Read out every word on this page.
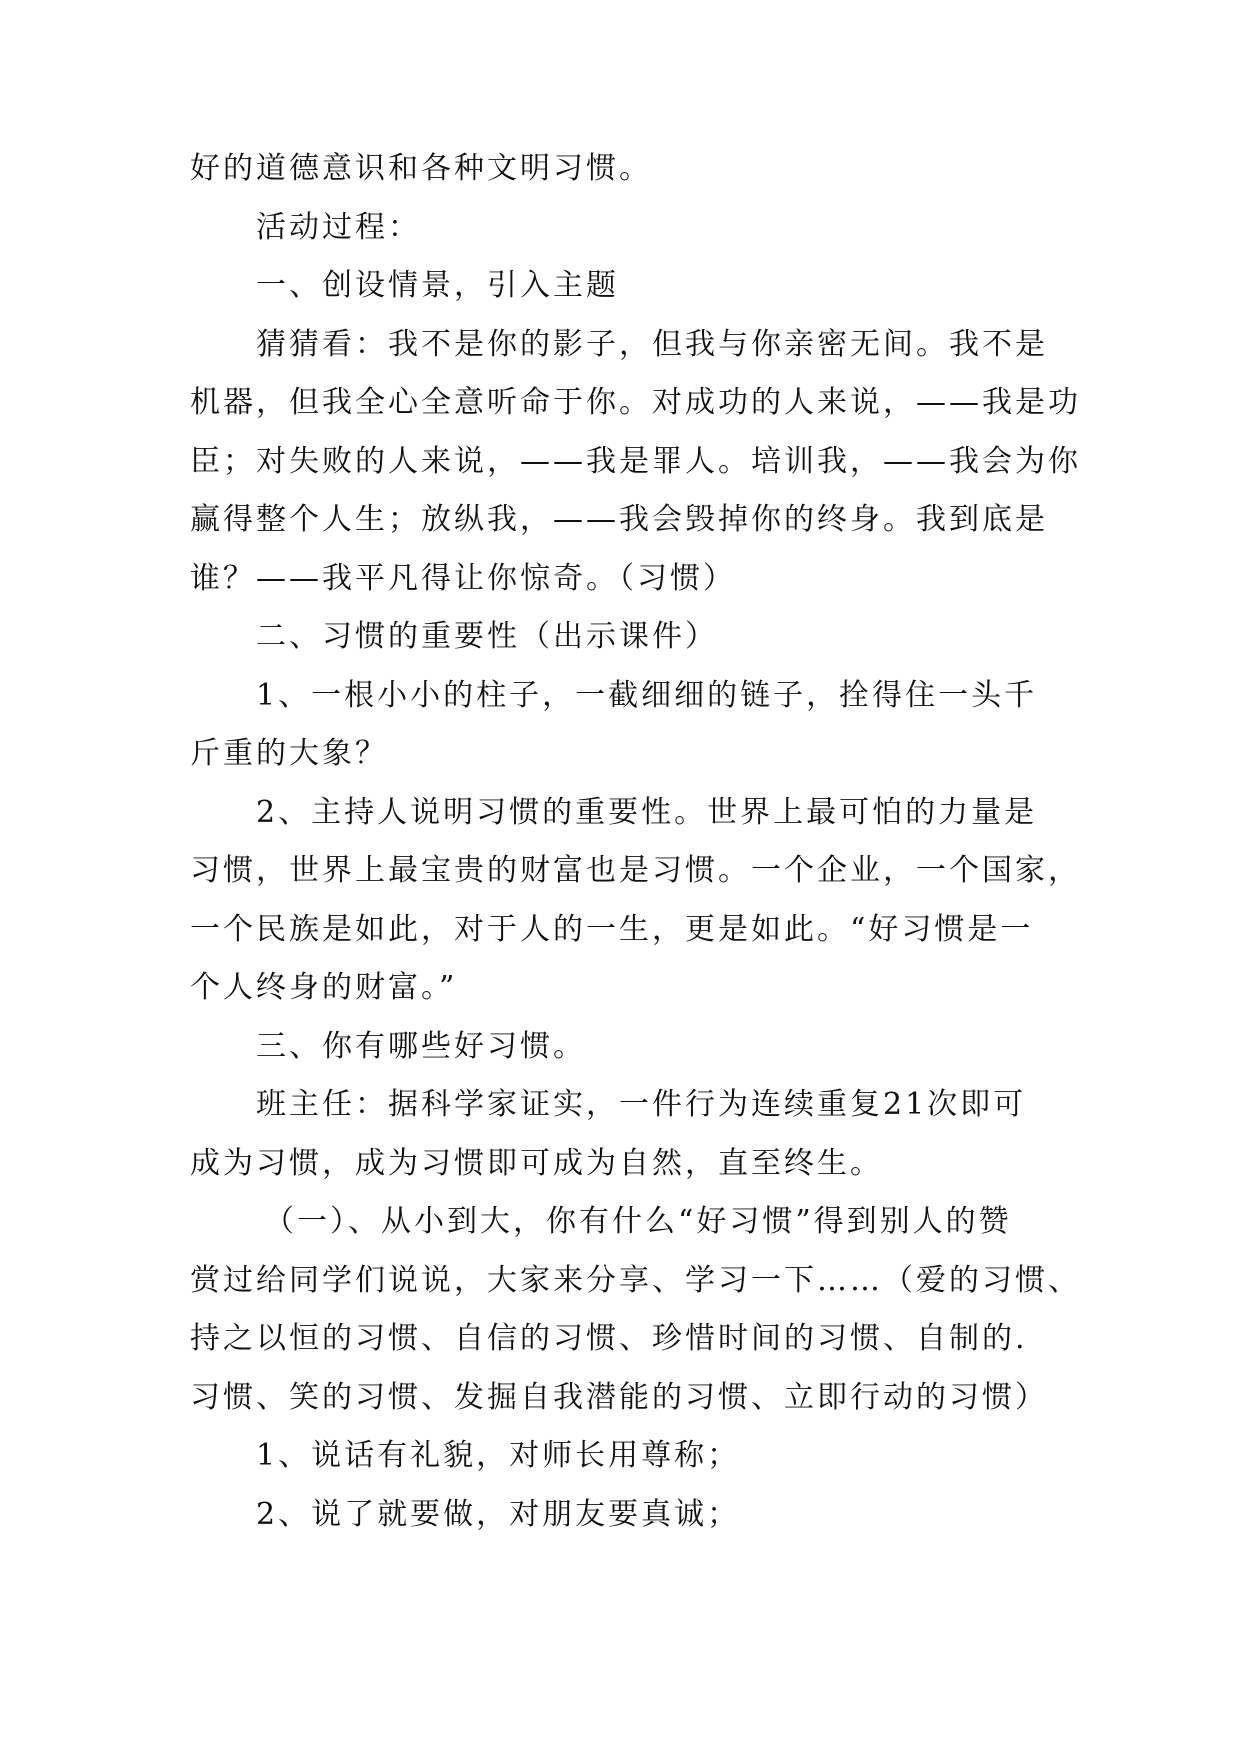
好的道德意识和各种文明习惯。
活动过程：
一、创设情景，引入主题
猜猜看：我不是你的影子，但我与你亲密无间。我不是
机器，但我全心全意听命于你。对成功的人来说，——我是功
臣；对失败的人来说，——我是罪人。培训我，——我会为你
赢得整个人生；放纵我，——我会毁掉你的终身。我到底是
谁？——我平凡得让你惊奇。（习惯）
二、习惯的重要性（出示课件）
1、一根小小的柱子，一截细细的链子，拴得住一头千
斤重的大象？
2、主持人说明习惯的重要性。世界上最可怕的力量是
习惯，世界上最宝贵的财富也是习惯。一个企业，一个国家，
一个民族是如此，对于人的一生，更是如此。“好习惯是一
个人终身的财富。”
三、你有哪些好习惯。
班主任：据科学家证实，一件行为连续重复21次即可
成为习惯，成为习惯即可成为自然，直至终生。
（一）、从小到大，你有什么“好习惯”得到别人的赞
赏过给同学们说说，大家来分享、学习一下……（爱的习惯、
持之以恒的习惯、自信的习惯、珍惜时间的习惯、自制的.
习惯、笑的习惯、发掘自我潜能的习惯、立即行动的习惯）
1、说话有礼貌，对师长用尊称；
2、说了就要做，对朋友要真诚；
